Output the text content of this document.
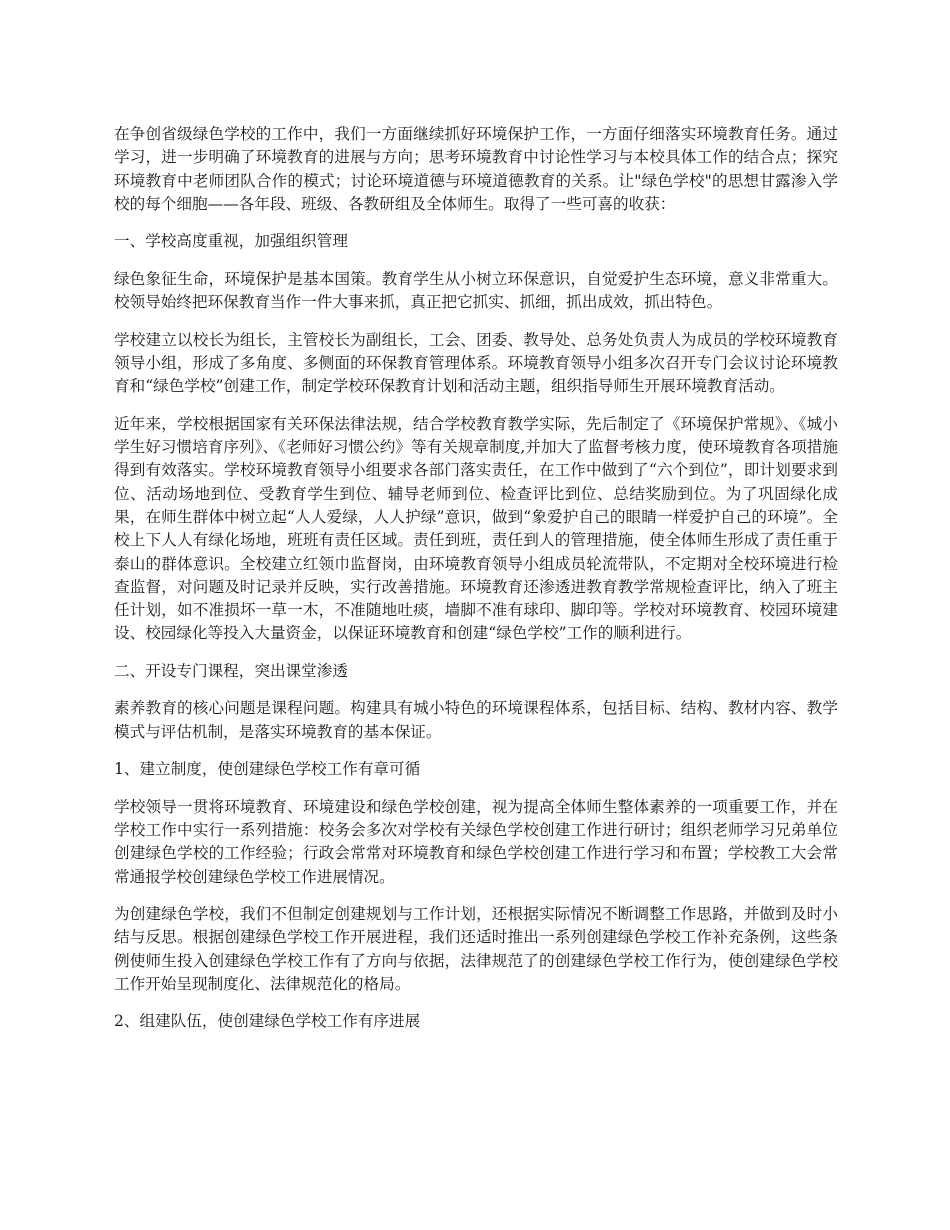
在争创省级绿色学校的工作中，我们一方面继续抓好环境保护工作，一方面仔细落实环境教育任务。通过学习，进一步明确了环境教育的进展与方向；思考环境教育中讨论性学习与本校具体工作的结合点；探究环境教育中老师团队合作的模式；讨论环境道德与环境道德教育的关系。让"绿色学校"的思想甘露渗入学校的每个细胞——各年段、班级、各教研组及全体师生。取得了一些可喜的收获：

一、学校高度重视，加强组织管理

绿色象征生命，环境保护是基本国策。教育学生从小树立环保意识，自觉爱护生态环境，意义非常重大。校领导始终把环保教育当作一件大事来抓，真正把它抓实、抓细，抓出成效，抓出特色。

学校建立以校长为组长，主管校长为副组长，工会、团委、教导处、总务处负责人为成员的学校环境教育领导小组，形成了多角度、多侧面的环保教育管理体系。环境教育领导小组多次召开专门会议讨论环境教育和“绿色学校”创建工作，制定学校环保教育计划和活动主题，组织指导师生开展环境教育活动。

近年来，学校根据国家有关环保法律法规，结合学校教育教学实际，先后制定了《环境保护常规》、《城小学生好习惯培育序列》、《老师好习惯公约》等有关规章制度,并加大了监督考核力度，使环境教育各项措施得到有效落实。学校环境教育领导小组要求各部门落实责任，在工作中做到了“六个到位”，即计划要求到位、活动场地到位、受教育学生到位、辅导老师到位、检查评比到位、总结奖励到位。为了巩固绿化成果，在师生群体中树立起“人人爱绿，人人护绿”意识，做到“象爱护自己的眼睛一样爱护自己的环境”。全校上下人人有绿化场地，班班有责任区域。责任到班，责任到人的管理措施，使全体师生形成了责任重于泰山的群体意识。全校建立红领巾监督岗，由环境教育领导小组成员轮流带队，不定期对全校环境进行检查监督，对问题及时记录并反映，实行改善措施。环境教育还渗透进教育教学常规检查评比，纳入了班主任计划，如不准损坏一草一木，不准随地吐痰，墙脚不准有球印、脚印等。学校对环境教育、校园环境建设、校园绿化等投入大量资金，以保证环境教育和创建“绿色学校”工作的顺利进行。

二、开设专门课程，突出课堂渗透

素养教育的核心问题是课程问题。构建具有城小特色的环境课程体系，包括目标、结构、教材内容、教学模式与评估机制，是落实环境教育的基本保证。

1、建立制度，使创建绿色学校工作有章可循

学校领导一贯将环境教育、环境建设和绿色学校创建，视为提高全体师生整体素养的一项重要工作，并在学校工作中实行一系列措施：校务会多次对学校有关绿色学校创建工作进行研讨；组织老师学习兄弟单位创建绿色学校的工作经验；行政会常常对环境教育和绿色学校创建工作进行学习和布置；学校教工大会常常通报学校创建绿色学校工作进展情况。

为创建绿色学校，我们不但制定创建规划与工作计划，还根据实际情况不断调整工作思路，并做到及时小结与反思。根据创建绿色学校工作开展进程，我们还适时推出一系列创建绿色学校工作补充条例，这些条例使师生投入创建绿色学校工作有了方向与依据，法律规范了的创建绿色学校工作行为，使创建绿色学校工作开始呈现制度化、法律规范化的格局。

2、组建队伍，使创建绿色学校工作有序进展
